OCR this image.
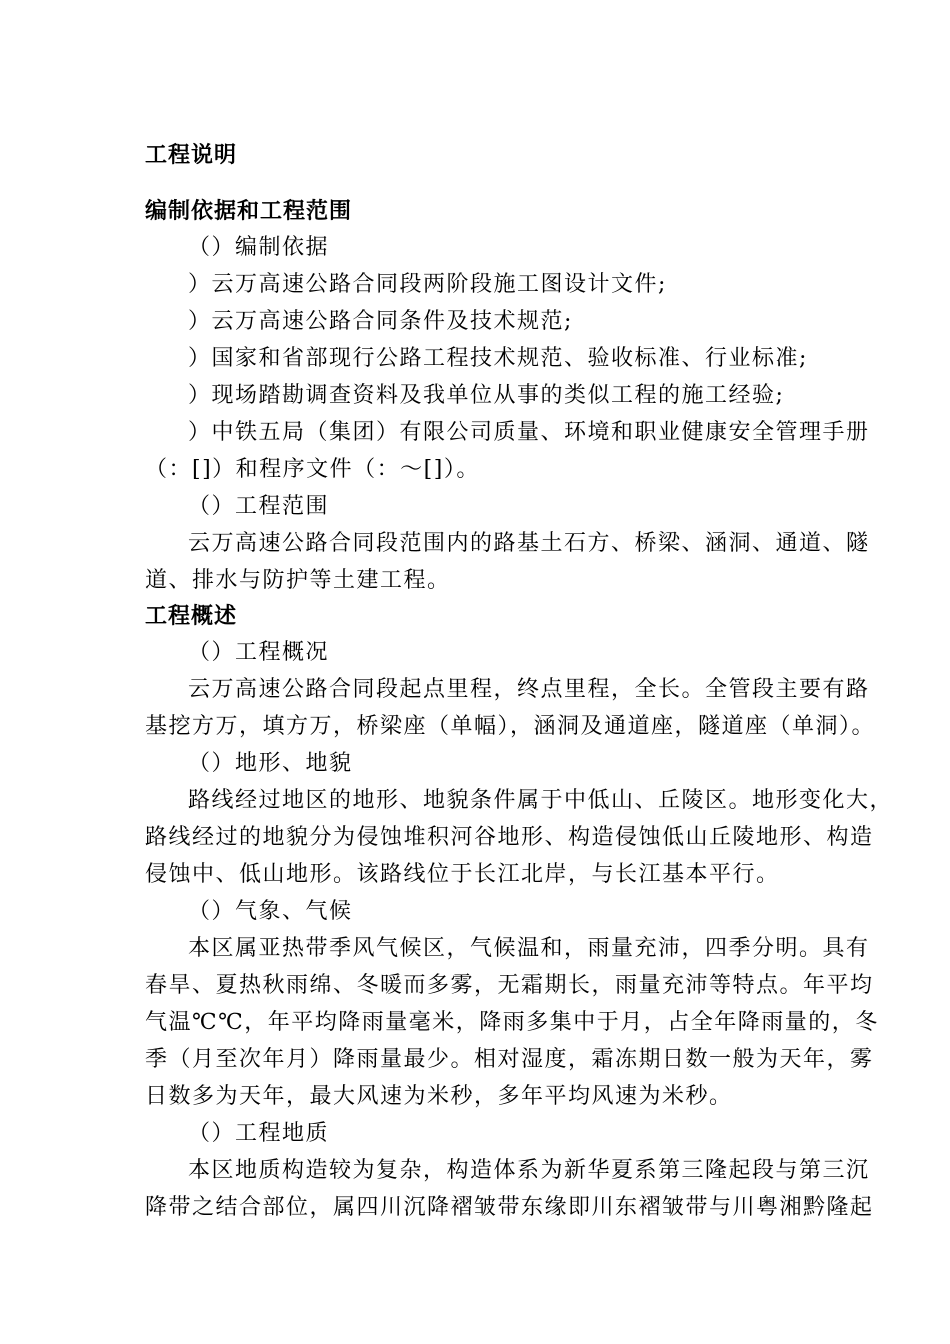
工程说明
编制依据和工程范围
（）编制依据
）云万高速公路合同段两阶段施工图设计文件;
）云万高速公路合同条件及技术规范;
）国家和省部现行公路工程技术规范、验收标准、行业标准;
）现场踏勘调查资料及我单位从事的类似工程的施工经验;
）中铁五局（集团）有限公司质量、环境和职业健康安全管理手册
（：[]）和程序文件（：～[]）。
（）工程范围
云万高速公路合同段范围内的路基土石方、桥梁、涵洞、通道、隧
道、排水与防护等土建工程。
工程概述
（）工程概况
云万高速公路合同段起点里程，终点里程，全长。全管段主要有路
基挖方万，填方万，桥梁座（单幅），涵洞及通道座，隧道座（单洞）。
（）地形、地貌
路线经过地区的地形、地貌条件属于中低山、丘陵区。地形变化大，
路线经过的地貌分为侵蚀堆积河谷地形、构造侵蚀低山丘陵地形、构造
侵蚀中、低山地形。该路线位于长江北岸，与长江基本平行。
（）气象、气候
本区属亚热带季风气候区，气候温和，雨量充沛，四季分明。具有
春旱、夏热秋雨绵、冬暖而多雾，无霜期长，雨量充沛等特点。年平均
气温℃℃，年平均降雨量毫米，降雨多集中于月，占全年降雨量的，冬
季（月至次年月）降雨量最少。相对湿度，霜冻期日数一般为天年，雾
日数多为天年，最大风速为米秒，多年平均风速为米秒。
（）工程地质
本区地质构造较为复杂，构造体系为新华夏系第三隆起段与第三沉
降带之结合部位，属四川沉降褶皱带东缘即川东褶皱带与川粤湘黔隆起
